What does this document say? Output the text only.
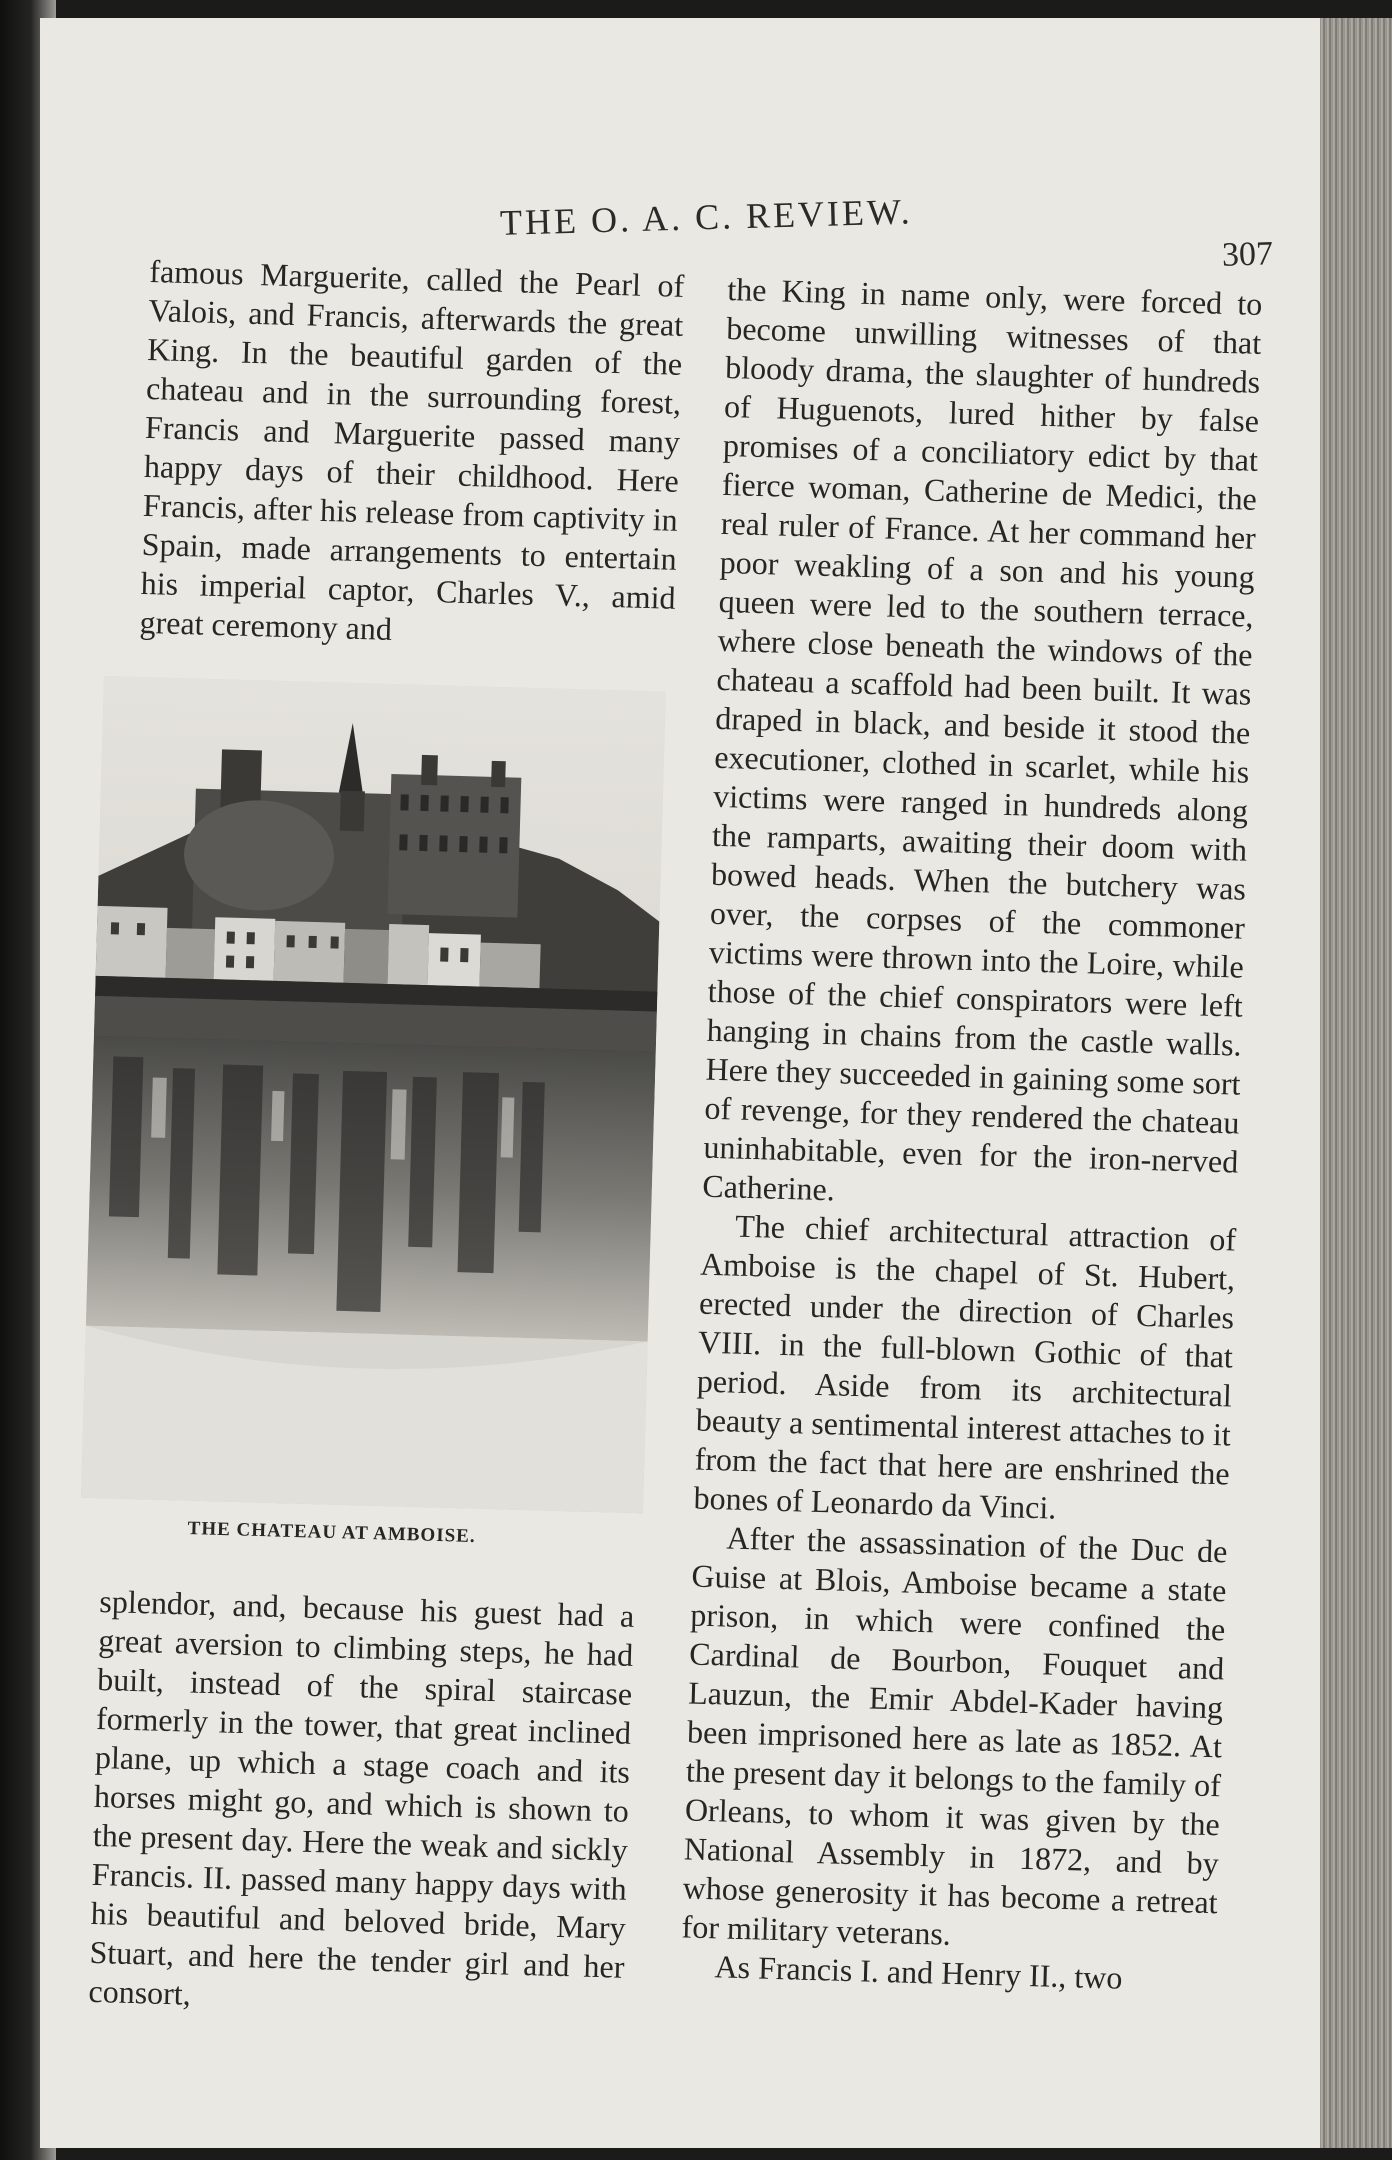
THE O. A. C. REVIEW.
307

famous Marguerite, called the Pearl of Valois, and Francis, afterwards the great King. In the beautiful garden of the chateau and in the surrounding forest, Francis and Marguerite passed many happy days of their childhood. Here Francis, after his release from captivity in Spain, made arrangements to entertain his imperial captor, Charles V., amid great ceremony and

the King in name only, were forced to become unwilling witnesses of that bloody drama, the slaughter of hundreds of Huguenots, lured hither by false promises of a conciliatory edict by that fierce woman, Catherine de Medici, the real ruler of France. At her command her poor weakling of a son and his young queen were led to the southern terrace, where close beneath the windows of the chateau a scaffold had been built. It was draped in black, and beside it stood the executioner, clothed in scarlet, while his victims were ranged in hundreds along the ramparts, awaiting their doom with bowed heads. When the butchery was over, the corpses of the commoner victims were thrown into the Loire, while those of the chief conspirators were left hanging in chains from the castle walls. Here they succeeded in gaining some sort of revenge, for they rendered the chateau uninhabitable, even for the iron-nerved Catherine.

The chief architectural attraction of Amboise is the chapel of St. Hubert, erected under the direction of Charles VIII. in the full-blown Gothic of that period. Aside from its architectural beauty a sentimental interest attaches to it from the fact that here are enshrined the bones of Leonardo da Vinci.

After the assassination of the Duc de Guise at Blois, Amboise became a state prison, in which were confined the Cardinal de Bourbon, Fouquet and Lauzun, the Emir Abdel-Kader having been imprisoned here as late as 1852. At the present day it belongs to the family of Orleans, to whom it was given by the National Assembly in 1872, and by whose generosity it has become a retreat for military veterans.

As Francis I. and Henry II., two

THE CHATEAU AT AMBOISE.

splendor, and, because his guest had a great aversion to climbing steps, he had built, instead of the spiral staircase formerly in the tower, that great inclined plane, up which a stage coach and its horses might go, and which is shown to the present day. Here the weak and sickly Francis. II. passed many happy days with his beautiful and beloved bride, Mary Stuart, and here the tender girl and her consort,
